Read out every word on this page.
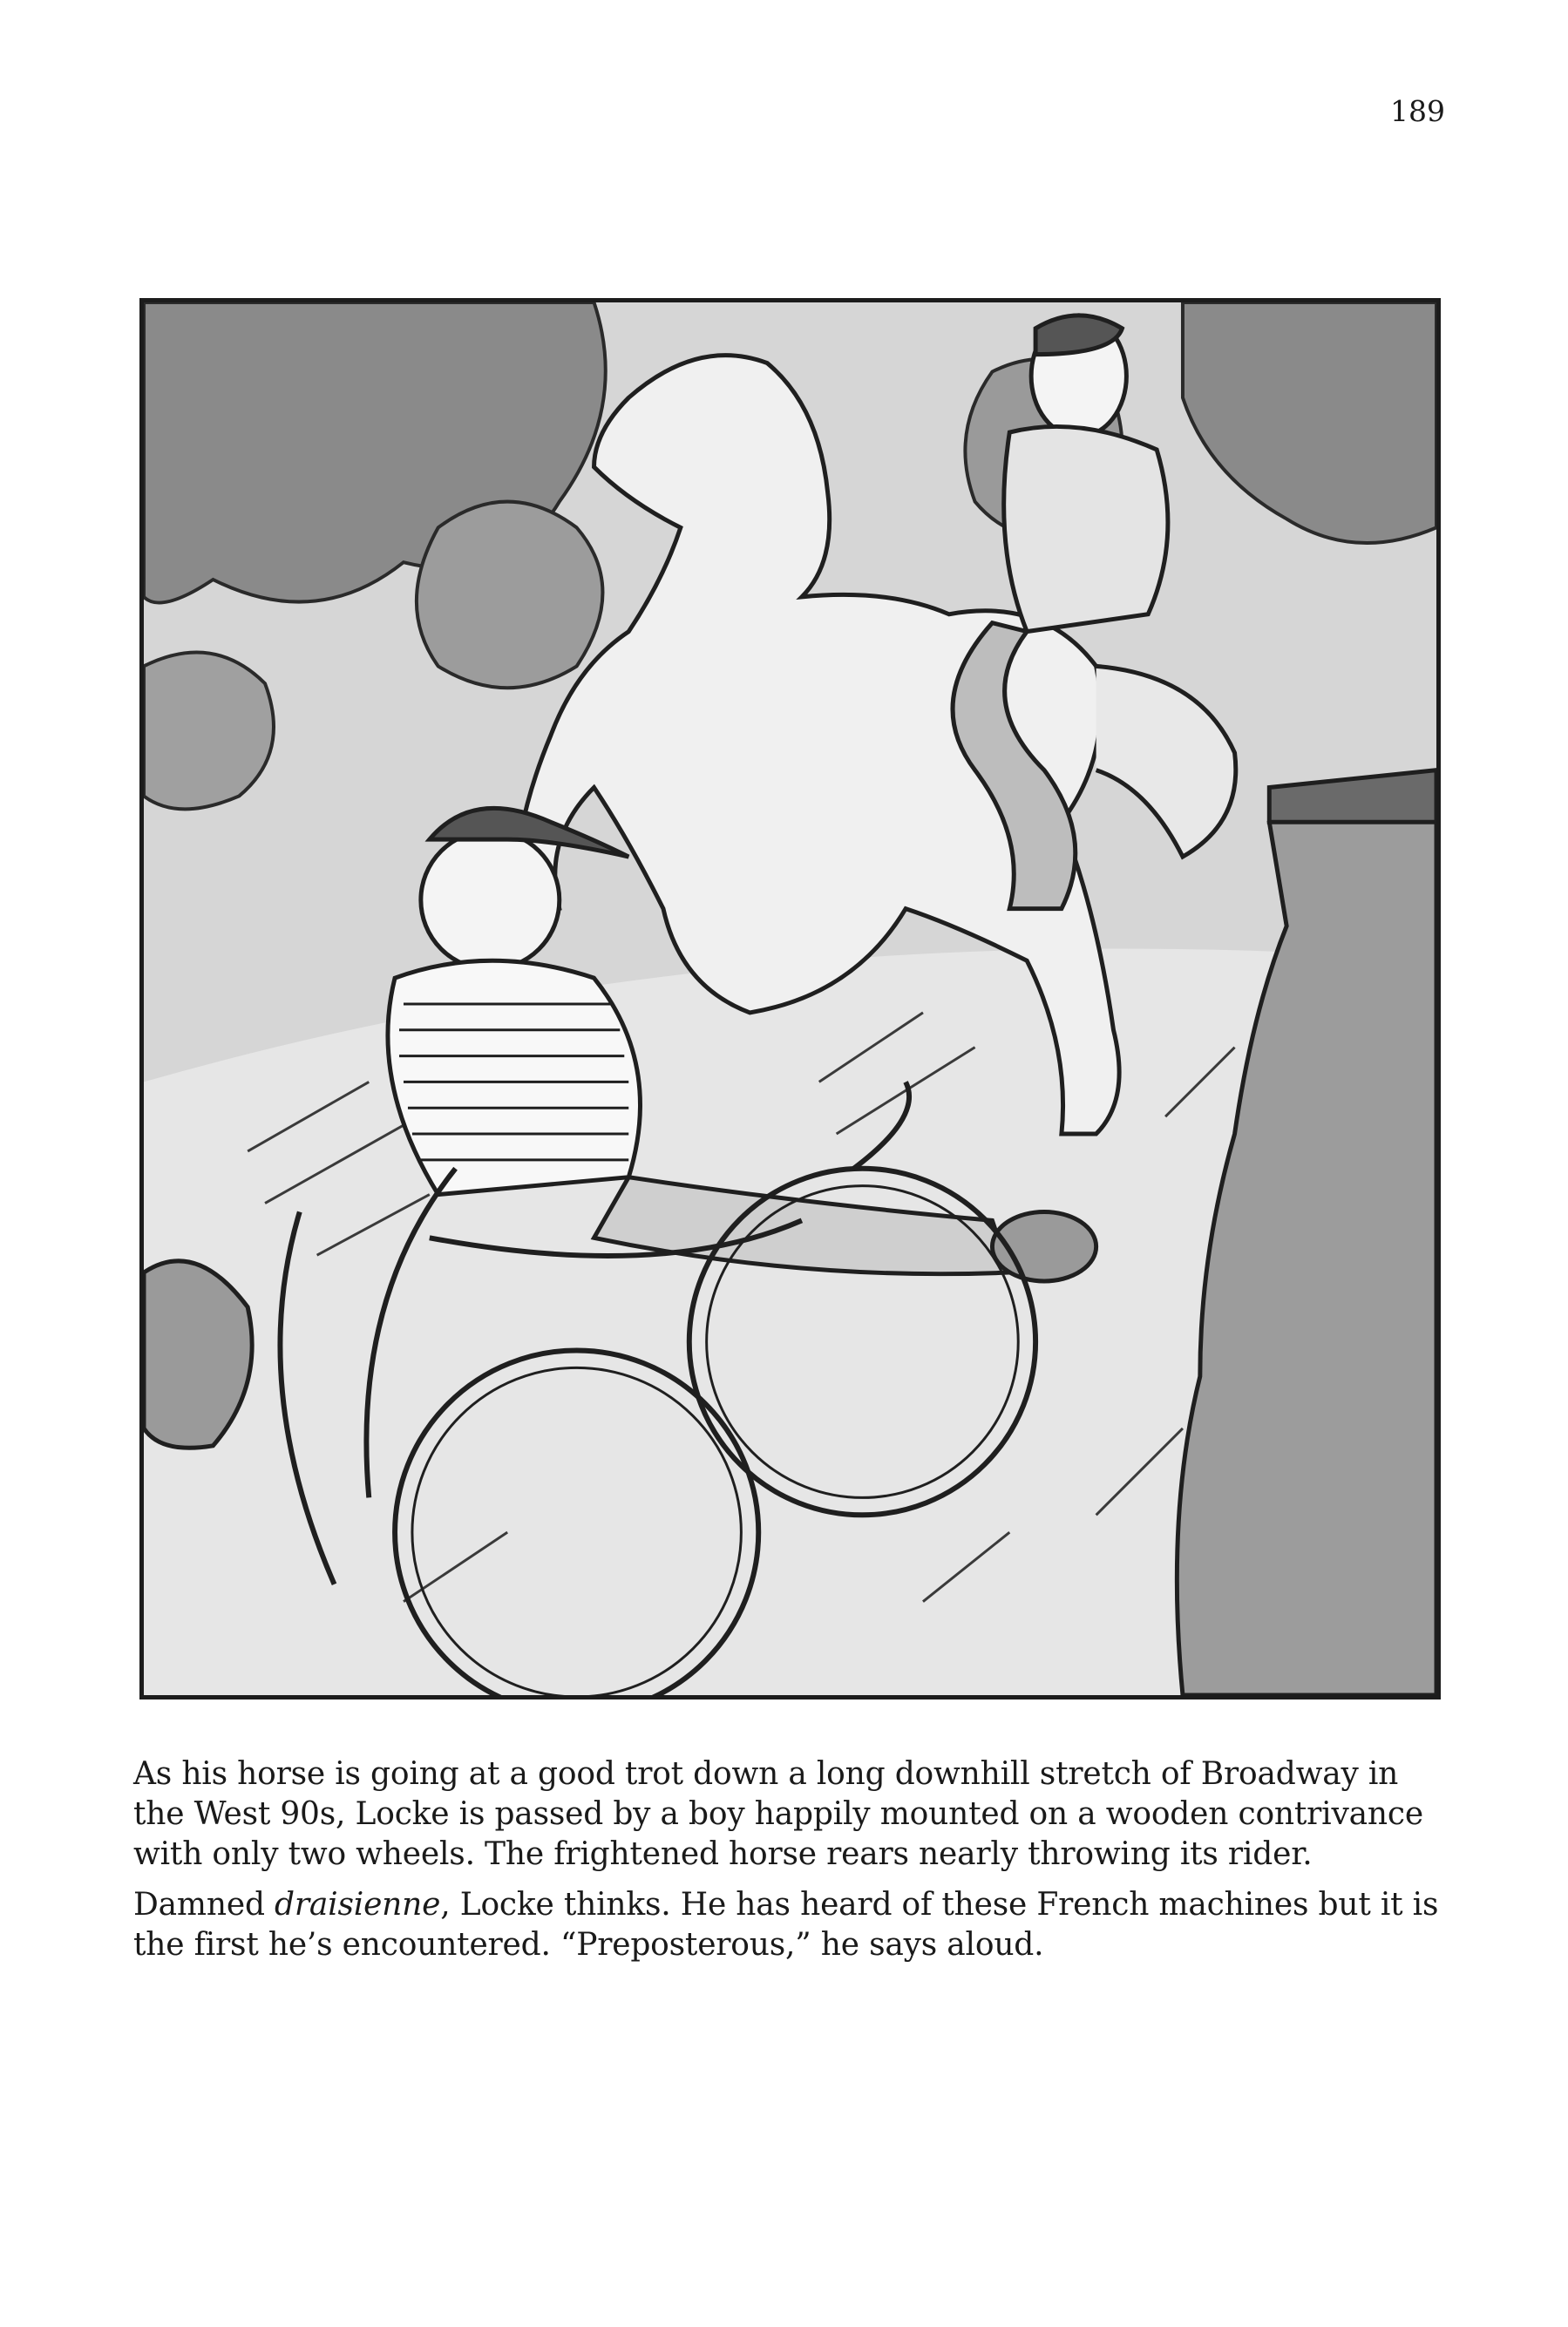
189

As his horse is going at a good trot down a long downhill stretch of Broadway in the West 90s, Locke is passed by a boy happily mounted on a wooden contrivance with only two wheels. The frightened horse rears nearly throwing its rider.

Damned draisienne, Locke thinks. He has heard of these French machines but it is the first he’s encountered. “Preposterous,” he says aloud.
